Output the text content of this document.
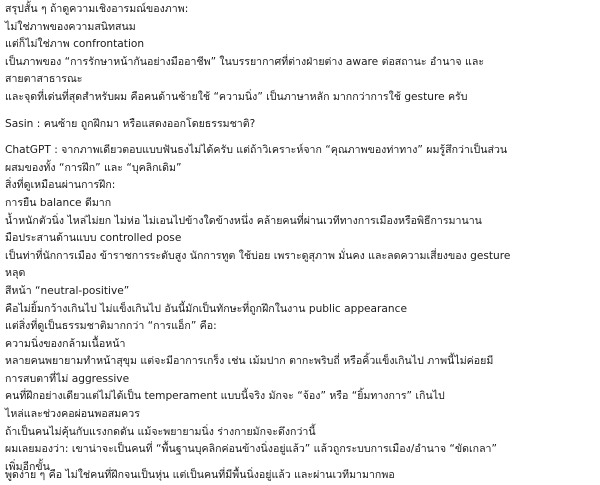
สรุปสั้น ๆ ถ้าดูความเชิงอารมณ์ของภาพ:
ไม่ใช่ภาพของความสนิทสนม
แต่ก็ไม่ใช่ภาพ confrontation
เป็นภาพของ “การรักษาหน้ากันอย่างมืออาชีพ” ในบรรยากาศที่ต่างฝ่ายต่าง aware ต่อสถานะ อำนาจ และ
สายตาสาธารณะ
และจุดที่เด่นที่สุดสำหรับผม คือคนด้านซ้ายใช้ “ความนิ่ง” เป็นภาษาหลัก มากกว่าการใช้ gesture ครับ
Sasin : คนซ้าย ถูกฝึกมา หรือแสดงออกโดยธรรมชาติ?
ChatGPT : จากภาพเดียวตอบแบบฟันธงไม่ได้ครับ แต่ถ้าวิเคราะห์จาก “คุณภาพของท่าทาง” ผมรู้สึกว่าเป็นส่วน
ผสมของทั้ง “การฝึก” และ “บุคลิกเดิม”
สิ่งที่ดูเหมือนผ่านการฝึก:
การยืน balance ดีมาก
น้ำหนักตัวนิ่ง ไหล่ไม่ยก ไม่ห่อ ไม่เอนไปข้างใดข้างหนึ่ง คล้ายคนที่ผ่านเวทีทางการเมืองหรือพิธีการมานาน
มือประสานด้านแบบ controlled pose
เป็นท่าที่นักการเมือง ข้าราชการระดับสูง นักการทูต ใช้บ่อย เพราะดูสุภาพ มั่นคง และลดความเสี่ยงของ gesture
หลุด
สีหน้า “neutral-positive”
คือไม่ยิ้มกว้างเกินไป ไม่แข็งเกินไป อันนี้มักเป็นทักษะที่ถูกฝึกในงาน public appearance
แต่สิ่งที่ดูเป็นธรรมชาติมากกว่า “การแอ็ก” คือ:
ความนิ่งของกล้ามเนื้อหน้า
หลายคนพยายามทำหน้าสุขุม แต่จะมีอาการเกร็ง เช่น เม้มปาก ตากะพริบถี่ หรือคิ้วแข็งเกินไป ภาพนี้ไม่ค่อยมี
การสบตาที่ไม่ aggressive
คนที่ฝึกอย่างเดียวแต่ไม่ได้เป็น temperament แบบนี้จริง มักจะ “จ้อง” หรือ “ยิ้มทางการ” เกินไป
ไหล่และช่วงคอผ่อนพอสมควร
ถ้าเป็นคนไม่คุ้นกับแรงกดดัน แม้จะพยายามนิ่ง ร่างกายมักจะดึงกว่านี้
ผมเลยมองว่า: เขาน่าจะเป็นคนที่ “พื้นฐานบุคลิกค่อนข้างนิ่งอยู่แล้ว” แล้วถูกระบบการเมือง/อำนาจ “ขัดเกลา”
เพิ่มอีกขั้น
พูดง่าย ๆ คือ ไม่ใช่คนที่ฝึกจนเป็นหุ่น แต่เป็นคนที่มีพื้นนิ่งอยู่แล้ว และผ่านเวทีมามากพอ
